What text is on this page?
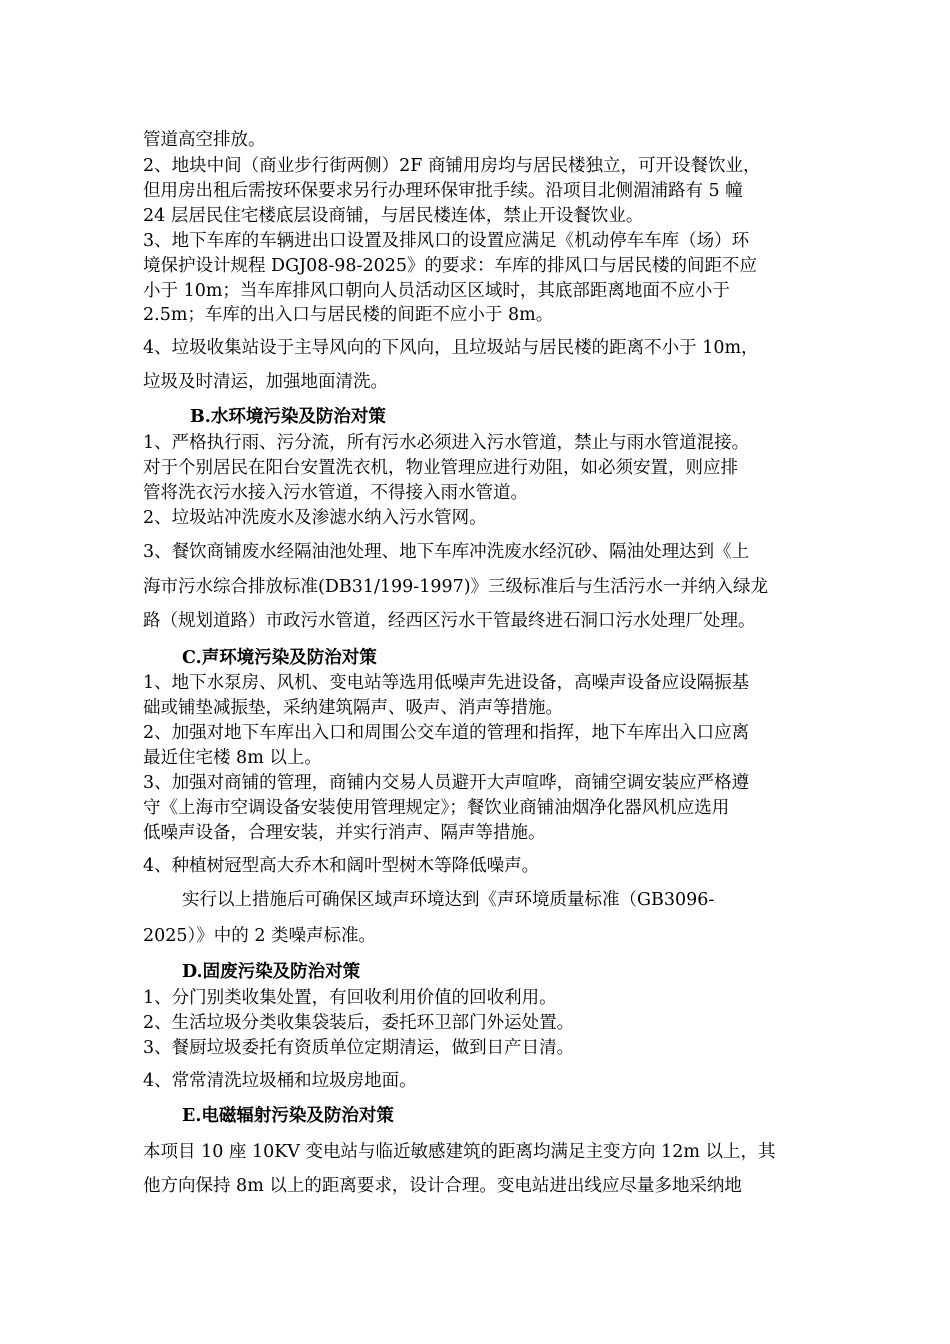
管道高空排放。
2、地块中间（商业步行街两侧）2F 商铺用房均与居民楼独立，可开设餐饮业，
但用房出租后需按环保要求另行办理环保审批手续。沿项目北侧湄浦路有 5 幢
24 层居民住宅楼底层设商铺，与居民楼连体，禁止开设餐饮业。
3、地下车库的车辆进出口设置及排风口的设置应满足《机动停车车库（场）环
境保护设计规程 DGJ08-98-2025》的要求：车库的排风口与居民楼的间距不应
小于 10m；当车库排风口朝向人员活动区区域时，其底部距离地面不应小于
2.5m；车库的出入口与居民楼的间距不应小于 8m。
4、垃圾收集站设于主导风向的下风向，且垃圾站与居民楼的距离不小于 10m，
垃圾及时清运，加强地面清洗。
B.水环境污染及防治对策
1、严格执行雨、污分流，所有污水必须进入污水管道，禁止与雨水管道混接。
对于个别居民在阳台安置洗衣机，物业管理应进行劝阻，如必须安置，则应排
管将洗衣污水接入污水管道，不得接入雨水管道。
2、垃圾站冲洗废水及渗滤水纳入污水管网。
3、餐饮商铺废水经隔油池处理、地下车库冲洗废水经沉砂、隔油处理达到《上
海市污水综合排放标准(DB31/199-1997)》三级标准后与生活污水一并纳入绿龙
路（规划道路）市政污水管道，经西区污水干管最终进石洞口污水处理厂处理。
C.声环境污染及防治对策
1、地下水泵房、风机、变电站等选用低噪声先进设备，高噪声设备应设隔振基
础或铺垫减振垫，采纳建筑隔声、吸声、消声等措施。
2、加强对地下车库出入口和周围公交车道的管理和指挥，地下车库出入口应离
最近住宅楼 8m 以上。
3、加强对商铺的管理，商铺内交易人员避开大声喧哗，商铺空调安装应严格遵
守《上海市空调设备安装使用管理规定》；餐饮业商铺油烟净化器风机应选用
低噪声设备，合理安装，并实行消声、隔声等措施。
4、种植树冠型高大乔木和阔叶型树木等降低噪声。
实行以上措施后可确保区域声环境达到《声环境质量标准（GB3096-
2025）》中的 2 类噪声标准。
D.固废污染及防治对策
1、分门别类收集处置，有回收利用价值的回收利用。
2、生活垃圾分类收集袋装后，委托环卫部门外运处置。
3、餐厨垃圾委托有资质单位定期清运，做到日产日清。
4、常常清洗垃圾桶和垃圾房地面。
E.电磁辐射污染及防治对策
本项目 10 座 10KV 变电站与临近敏感建筑的距离均满足主变方向 12m 以上，其
他方向保持 8m 以上的距离要求，设计合理。变电站进出线应尽量多地采纳地
